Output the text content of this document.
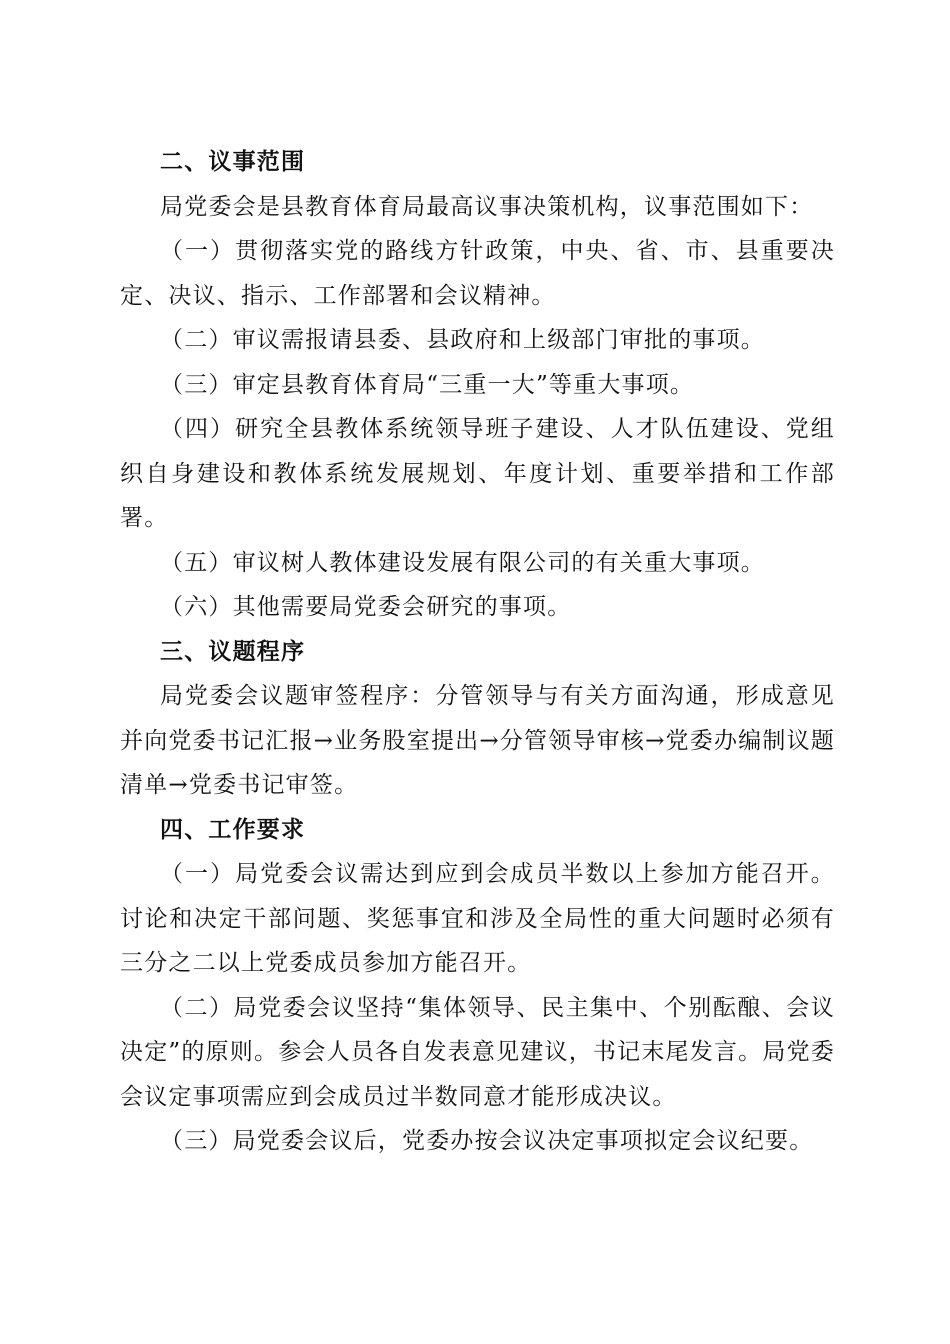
二、议事范围

局党委会是县教育体育局最高议事决策机构，议事范围如下：

（一）贯彻落实党的路线方针政策，中央、省、市、县重要决定、决议、指示、工作部署和会议精神。

（二）审议需报请县委、县政府和上级部门审批的事项。

（三）审定县教育体育局“三重一大”等重大事项。

（四）研究全县教体系统领导班子建设、人才队伍建设、党组织自身建设和教体系统发展规划、年度计划、重要举措和工作部署。

（五）审议树人教体建设发展有限公司的有关重大事项。

（六）其他需要局党委会研究的事项。

三、议题程序

局党委会议题审签程序：分管领导与有关方面沟通，形成意见并向党委书记汇报→业务股室提出→分管领导审核→党委办编制议题清单→党委书记审签。

四、工作要求

（一）局党委会议需达到应到会成员半数以上参加方能召开。讨论和决定干部问题、奖惩事宜和涉及全局性的重大问题时必须有三分之二以上党委成员参加方能召开。

（二）局党委会议坚持“集体领导、民主集中、个别酝酿、会议决定”的原则。参会人员各自发表意见建议，书记末尾发言。局党委会议定事项需应到会成员过半数同意才能形成决议。

（三）局党委会议后，党委办按会议决定事项拟定会议纪要。
